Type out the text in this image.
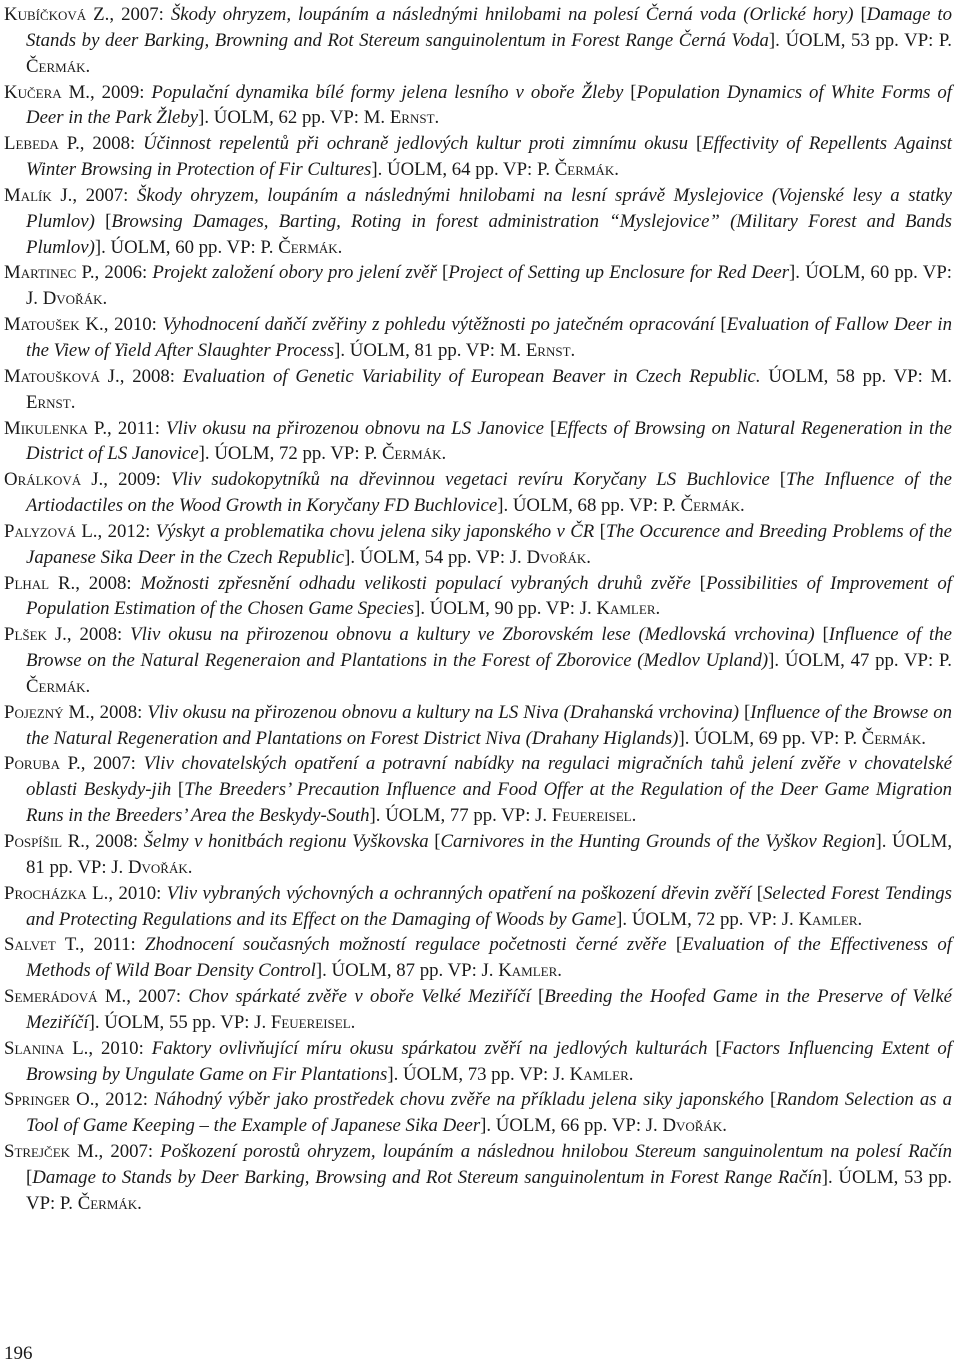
Kubíčková Z., 2007: Škody ohryzem, loupáním a následnými hnilobami na polesí Černá voda (Orlické hory) [Damage to Stands by deer Barking, Browning and Rot Stereum sanguinolentum in Forest Range Černá Voda]. ÚOLM, 53 pp. VP: P. Čermák.
Kučera M., 2009: Populační dynamika bílé formy jelena lesního v oboře Žleby [Population Dynamics of White Forms of Deer in the Park Žleby]. ÚOLM, 62 pp. VP: M. Ernst.
Lebeda P., 2008: Účinnost repelentů při ochraně jedlových kultur proti zimnímu okusu [Effectivity of Repellents Against Winter Browsing in Protection of Fir Cultures]. ÚOLM, 64 pp. VP: P. Čermák.
Malík J., 2007: Škody ohryzem, loupáním a následnými hnilobami na lesní správě Myslejovice (Vojenské lesy a statky Plumlov) [Browsing Damages, Barting, Roting in forest administration “Myslejovice” (Military Forest and Bands Plumlov)]. ÚOLM, 60 pp. VP: P. Čermák.
Martinec P., 2006: Projekt založení obory pro jelení zvěř [Project of Setting up Enclosure for Red Deer]. ÚOLM, 60 pp. VP: J. Dvořák.
Matoušek K., 2010: Vyhodnocení daňčí zvěřiny z pohledu výtěžnosti po jatečném opracování [Evaluation of Fallow Deer in the View of Yield After Slaughter Process]. ÚOLM, 81 pp. VP: M. Ernst.
Matoušková J., 2008: Evaluation of Genetic Variability of European Beaver in Czech Republic. ÚOLM, 58 pp. VP: M. Ernst.
Mikulenka P., 2011: Vliv okusu na přirozenou obnovu na LS Janovice [Effects of Browsing on Natural Regeneration in the District of LS Janovice]. ÚOLM, 72 pp. VP: P. Čermák.
Orálková J., 2009: Vliv sudokopytníků na dřevinnou vegetaci revíru Koryčany LS Buchlovice [The Influence of the Artiodactiles on the Wood Growth in Koryčany FD Buchlovice]. ÚOLM, 68 pp. VP: P. Čermák.
Palyzová L., 2012: Výskyt a problematika chovu jelena siky japonského v ČR [The Occurence and Breeding Problems of the Japanese Sika Deer in the Czech Republic]. ÚOLM, 54 pp. VP: J. Dvořák.
Plhal R., 2008: Možnosti zpřesnění odhadu velikosti populací vybraných druhů zvěře [Possibilities of Improvement of Population Estimation of the Chosen Game Species]. ÚOLM, 90 pp. VP: J. Kamler.
Plšek J., 2008: Vliv okusu na přirozenou obnovu a kultury ve Zborovském lese (Medlovská vrchovina) [Influence of the Browse on the Natural Regeneraion and Plantations in the Forest of Zborovice (Medlov Upland)]. ÚOLM, 47 pp. VP: P. Čermák.
Pojezný M., 2008: Vliv okusu na přirozenou obnovu a kultury na LS Niva (Drahanská vrchovina) [Influence of the Browse on the Natural Regeneration and Plantations on Forest District Niva (Drahany Higlands)]. ÚOLM, 69 pp. VP: P. Čermák.
Poruba P., 2007: Vliv chovatelských opatření a potravní nabídky na regulaci migračních tahů jelení zvěře v chovatelské oblasti Beskydy-jih [The Breeders’ Precaution Influence and Food Offer at the Regulation of the Deer Game Migration Runs in the Breeders’ Area the Beskydy-South]. ÚOLM, 77 pp. VP: J. Feuereisel.
Pospíšil R., 2008: Šelmy v honitbách regionu Vyškovska [Carnivores in the Hunting Grounds of the Vyškov Region]. ÚOLM, 81 pp. VP: J. Dvořák.
Procházka L., 2010: Vliv vybraných výchovných a ochranných opatření na poškození dřevin zvěří [Selected Forest Tendings and Protecting Regulations and its Effect on the Damaging of Woods by Game]. ÚOLM, 72 pp. VP: J. Kamler.
Salvet T., 2011: Zhodnocení současných možností regulace početnosti černé zvěře [Evaluation of the Effectiveness of Methods of Wild Boar Density Control]. ÚOLM, 87 pp. VP: J. Kamler.
Semerádová M., 2007: Chov spárkaté zvěře v oboře Velké Meziříčí [Breeding the Hoofed Game in the Preserve of Velké Meziříčí]. ÚOLM, 55 pp. VP: J. Feuereisel.
Slanina L., 2010: Faktory ovlivňující míru okusu spárkatou zvěří na jedlových kulturách [Factors Influencing Extent of Browsing by Ungulate Game on Fir Plantations]. ÚOLM, 73 pp. VP: J. Kamler.
Springer O., 2012: Náhodný výběr jako prostředek chovu zvěře na příkladu jelena siky japonského [Random Selection as a Tool of Game Keeping – the Example of Japanese Sika Deer]. ÚOLM, 66 pp. VP: J. Dvořák.
Strejček M., 2007: Poškození porostů ohryzem, loupáním a následnou hnilobou Stereum sanguinolentum na polesí Račín [Damage to Stands by Deer Barking, Browsing and Rot Stereum sanguinolentum in Forest Range Račín]. ÚOLM, 53 pp. VP: P. Čermák.
196
